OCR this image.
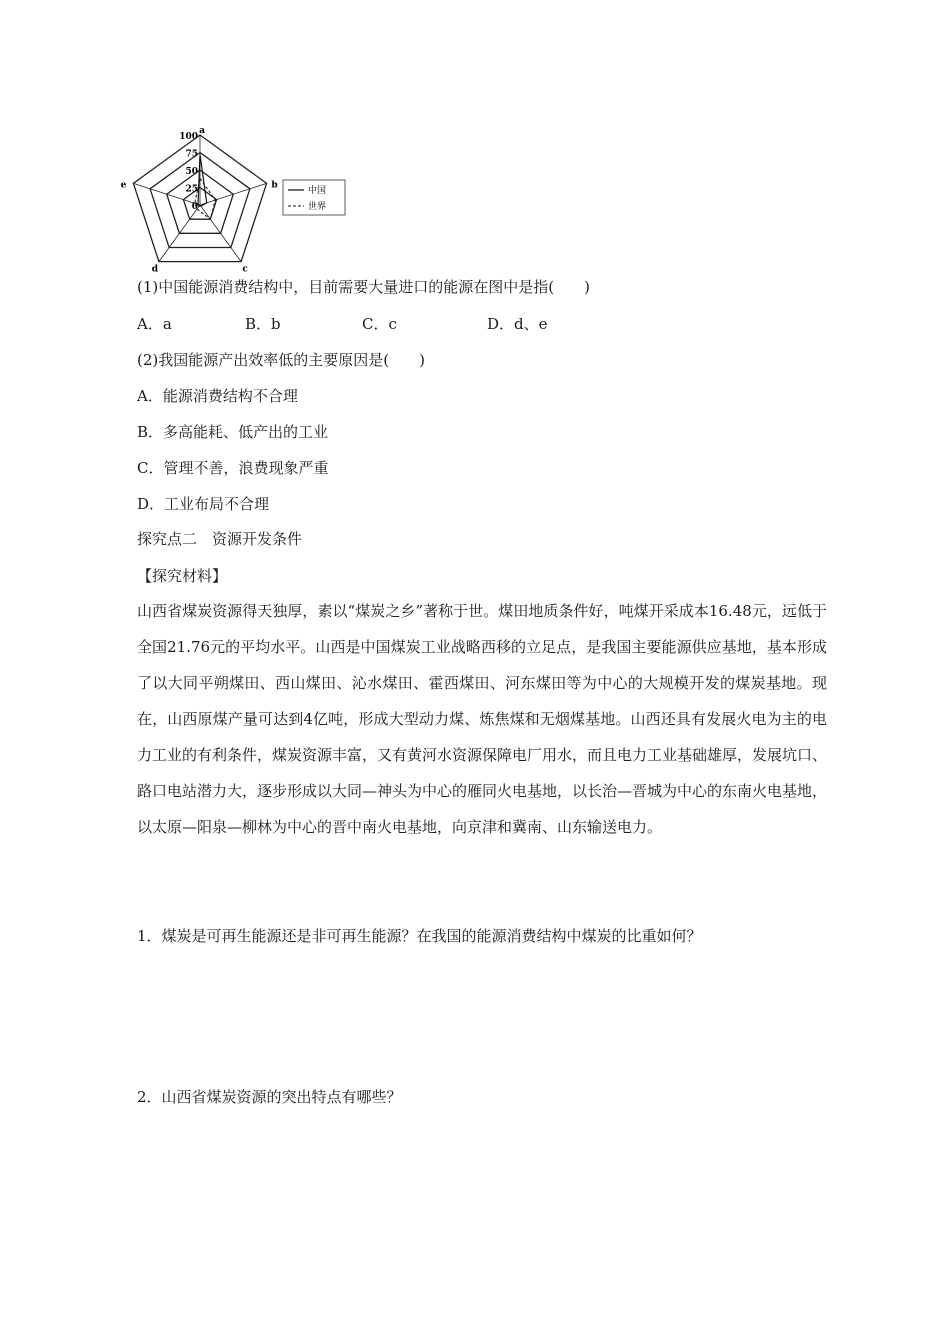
0
25
50
75
100
a
b
c
d
e
中国
世界
(1)中国能源消费结构中，目前需要大量进口的能源在图中是指(　　)
A．a	B．b	C．c	D．d、e
(2)我国能源产出效率低的主要原因是(　　)
A．能源消费结构不合理
B．多高能耗、低产出的工业
C．管理不善，浪费现象严重
D．工业布局不合理
探究点二　资源开发条件
【探究材料】

山西省煤炭资源得天独厚，素以“煤炭之乡”著称于世。煤田地质条件好，吨煤开采成本16.48元，远低于全国21.76元的平均水平。山西是中国煤炭工业战略西移的立足点，是我国主要能源供应基地，基本形成了以大同平朔煤田、西山煤田、沁水煤田、霍西煤田、河东煤田等为中心的大规模开发的煤炭基地。现在，山西原煤产量可达到4亿吨，形成大型动力煤、炼焦煤和无烟煤基地。山西还具有发展火电为主的电力工业的有利条件，煤炭资源丰富，又有黄河水资源保障电厂用水，而且电力工业基础雄厚，发展坑口、路口电站潜力大，逐步形成以大同—神头为中心的雁同火电基地，以长治—晋城为中心的东南火电基地，以太原—阳泉—柳林为中心的晋中南火电基地，向京津和冀南、山东输送电力。

1．煤炭是可再生能源还是非可再生能源？在我国的能源消费结构中煤炭的比重如何？
2．山西省煤炭资源的突出特点有哪些？
